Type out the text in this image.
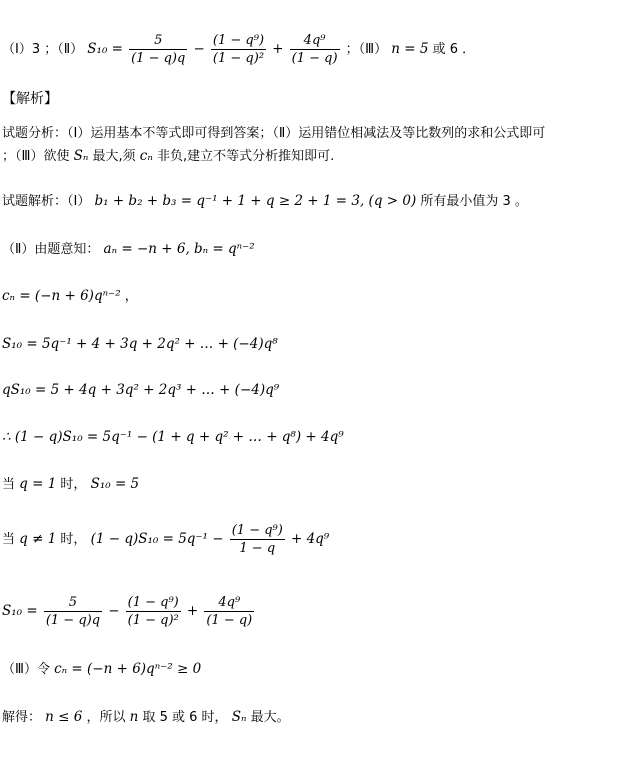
（Ⅰ）3 ；（Ⅱ） $S_{10} = \frac{5}{(1 - q)q} - \frac{\text{(1 − q⁹)}}{\text{(1 − q)²}} + \frac{\text{4q⁹}}{(1 - q)}$ ；（Ⅲ） n = 5 或 6 ．
【解析】
试题分析：（Ⅰ）运用基本不等式即可得到答案；（Ⅱ）运用错位相减法及等比数列的求和公式即可
；（Ⅲ）欲使 Sₙ 最大,须 cₙ 非负,建立不等式分析推知即可.
试题解析：（Ⅰ） b₁ + b₂ + b₃ = q⁻¹ + 1 + q ≥ 2 + 1 = 3, (q > 0) 所有最小值为 3 。
（Ⅱ）由题意知： aₙ = −n + 6, bₙ = qⁿ⁻²
cₙ = (−n + 6)qⁿ⁻² ，
S₁₀ = 5q⁻¹ + 4 + 3q + 2q² + … + (−4)q⁸
qS₁₀ = 5 + 4q + 3q² + 2q³ + … + (−4)q⁹
∴ (1 − q)S₁₀ = 5q⁻¹ − (1 + q + q² + … + q⁸) + 4q⁹
当 q = 1 时， S₁₀ = 5
当 q ≠ 1 时， $(1 - q)S_{10} = 5q^{-1} - \frac{\text{(1 − q⁹)}}{1 - q} + 4q^9$
$S_{10} = \frac{5}{(1 - q)q} - \frac{\text{(1 − q⁹)}}{\text{(1 − q)²}} + \frac{\text{4q⁹}}{(1 - q)}$
（Ⅲ）令 cₙ = (−n + 6)qⁿ⁻² ≥ 0
解得： n ≤ 6 ，所以 n 取 5 或 6 时， Sₙ 最大。
